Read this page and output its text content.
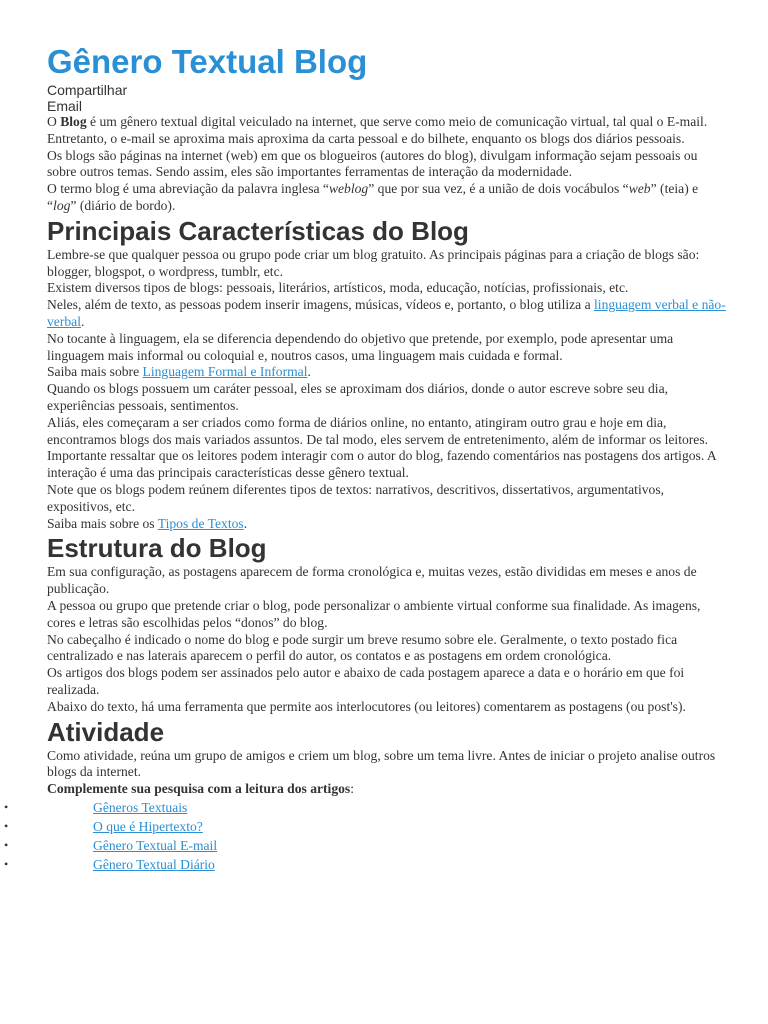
Gênero Textual Blog
Compartilhar
Email

O Blog é um gênero textual digital veiculado na internet, que serve como meio de comunicação virtual, tal qual o E-mail. Entretanto, o e-mail se aproxima mais aproxima da carta pessoal e do bilhete, enquanto os blogs dos diários pessoais.

Os blogs são páginas na internet (web) em que os blogueiros (autores do blog), divulgam informação sejam pessoais ou sobre outros temas. Sendo assim, eles são importantes ferramentas de interação da modernidade.

O termo blog é uma abreviação da palavra inglesa “weblog” que por sua vez, é a união de dois vocábulos “web” (teia) e “log” (diário de bordo).

Principais Características do Blog

Lembre-se que qualquer pessoa ou grupo pode criar um blog gratuito. As principais páginas para a criação de blogs são: blogger, blogspot, o wordpress, tumblr, etc.

Existem diversos tipos de blogs: pessoais, literários, artísticos, moda, educação, notícias, profissionais, etc.

Neles, além de texto, as pessoas podem inserir imagens, músicas, vídeos e, portanto, o blog utiliza a linguagem verbal e não-verbal.

No tocante à linguagem, ela se diferencia dependendo do objetivo que pretende, por exemplo, pode apresentar uma linguagem mais informal ou coloquial e, noutros casos, uma linguagem mais cuidada e formal.

Saiba mais sobre Linguagem Formal e Informal.

Quando os blogs possuem um caráter pessoal, eles se aproximam dos diários, donde o autor escreve sobre seu dia, experiências pessoais, sentimentos.

Aliás, eles começaram a ser criados como forma de diários online, no entanto, atingiram outro grau e hoje em dia, encontramos blogs dos mais variados assuntos. De tal modo, eles servem de entretenimento, além de informar os leitores.

Importante ressaltar que os leitores podem interagir com o autor do blog, fazendo comentários nas postagens dos artigos. A interação é uma das principais características desse gênero textual.

Note que os blogs podem reúnem diferentes tipos de textos: narrativos, descritivos, dissertativos, argumentativos, expositivos, etc.

Saiba mais sobre os Tipos de Textos.

Estrutura do Blog

Em sua configuração, as postagens aparecem de forma cronológica e, muitas vezes, estão divididas em meses e anos de publicação.

A pessoa ou grupo que pretende criar o blog, pode personalizar o ambiente virtual conforme sua finalidade. As imagens, cores e letras são escolhidas pelos “donos” do blog.

No cabeçalho é indicado o nome do blog e pode surgir um breve resumo sobre ele. Geralmente, o texto postado fica centralizado e nas laterais aparecem o perfil do autor, os contatos e as postagens em ordem cronológica.

Os artigos dos blogs podem ser assinados pelo autor e abaixo de cada postagem aparece a data e o horário em que foi realizada.

Abaixo do texto, há uma ferramenta que permite aos interlocutores (ou leitores) comentarem as postagens (ou post's).

Atividade

Como atividade, reúna um grupo de amigos e criem um blog, sobre um tema livre. Antes de iniciar o projeto analise outros blogs da internet.

Complemente sua pesquisa com a leitura dos artigos:

•	Gêneros Textuais
•	O que é Hipertexto?
•	Gênero Textual E-mail
•	Gênero Textual Diário
